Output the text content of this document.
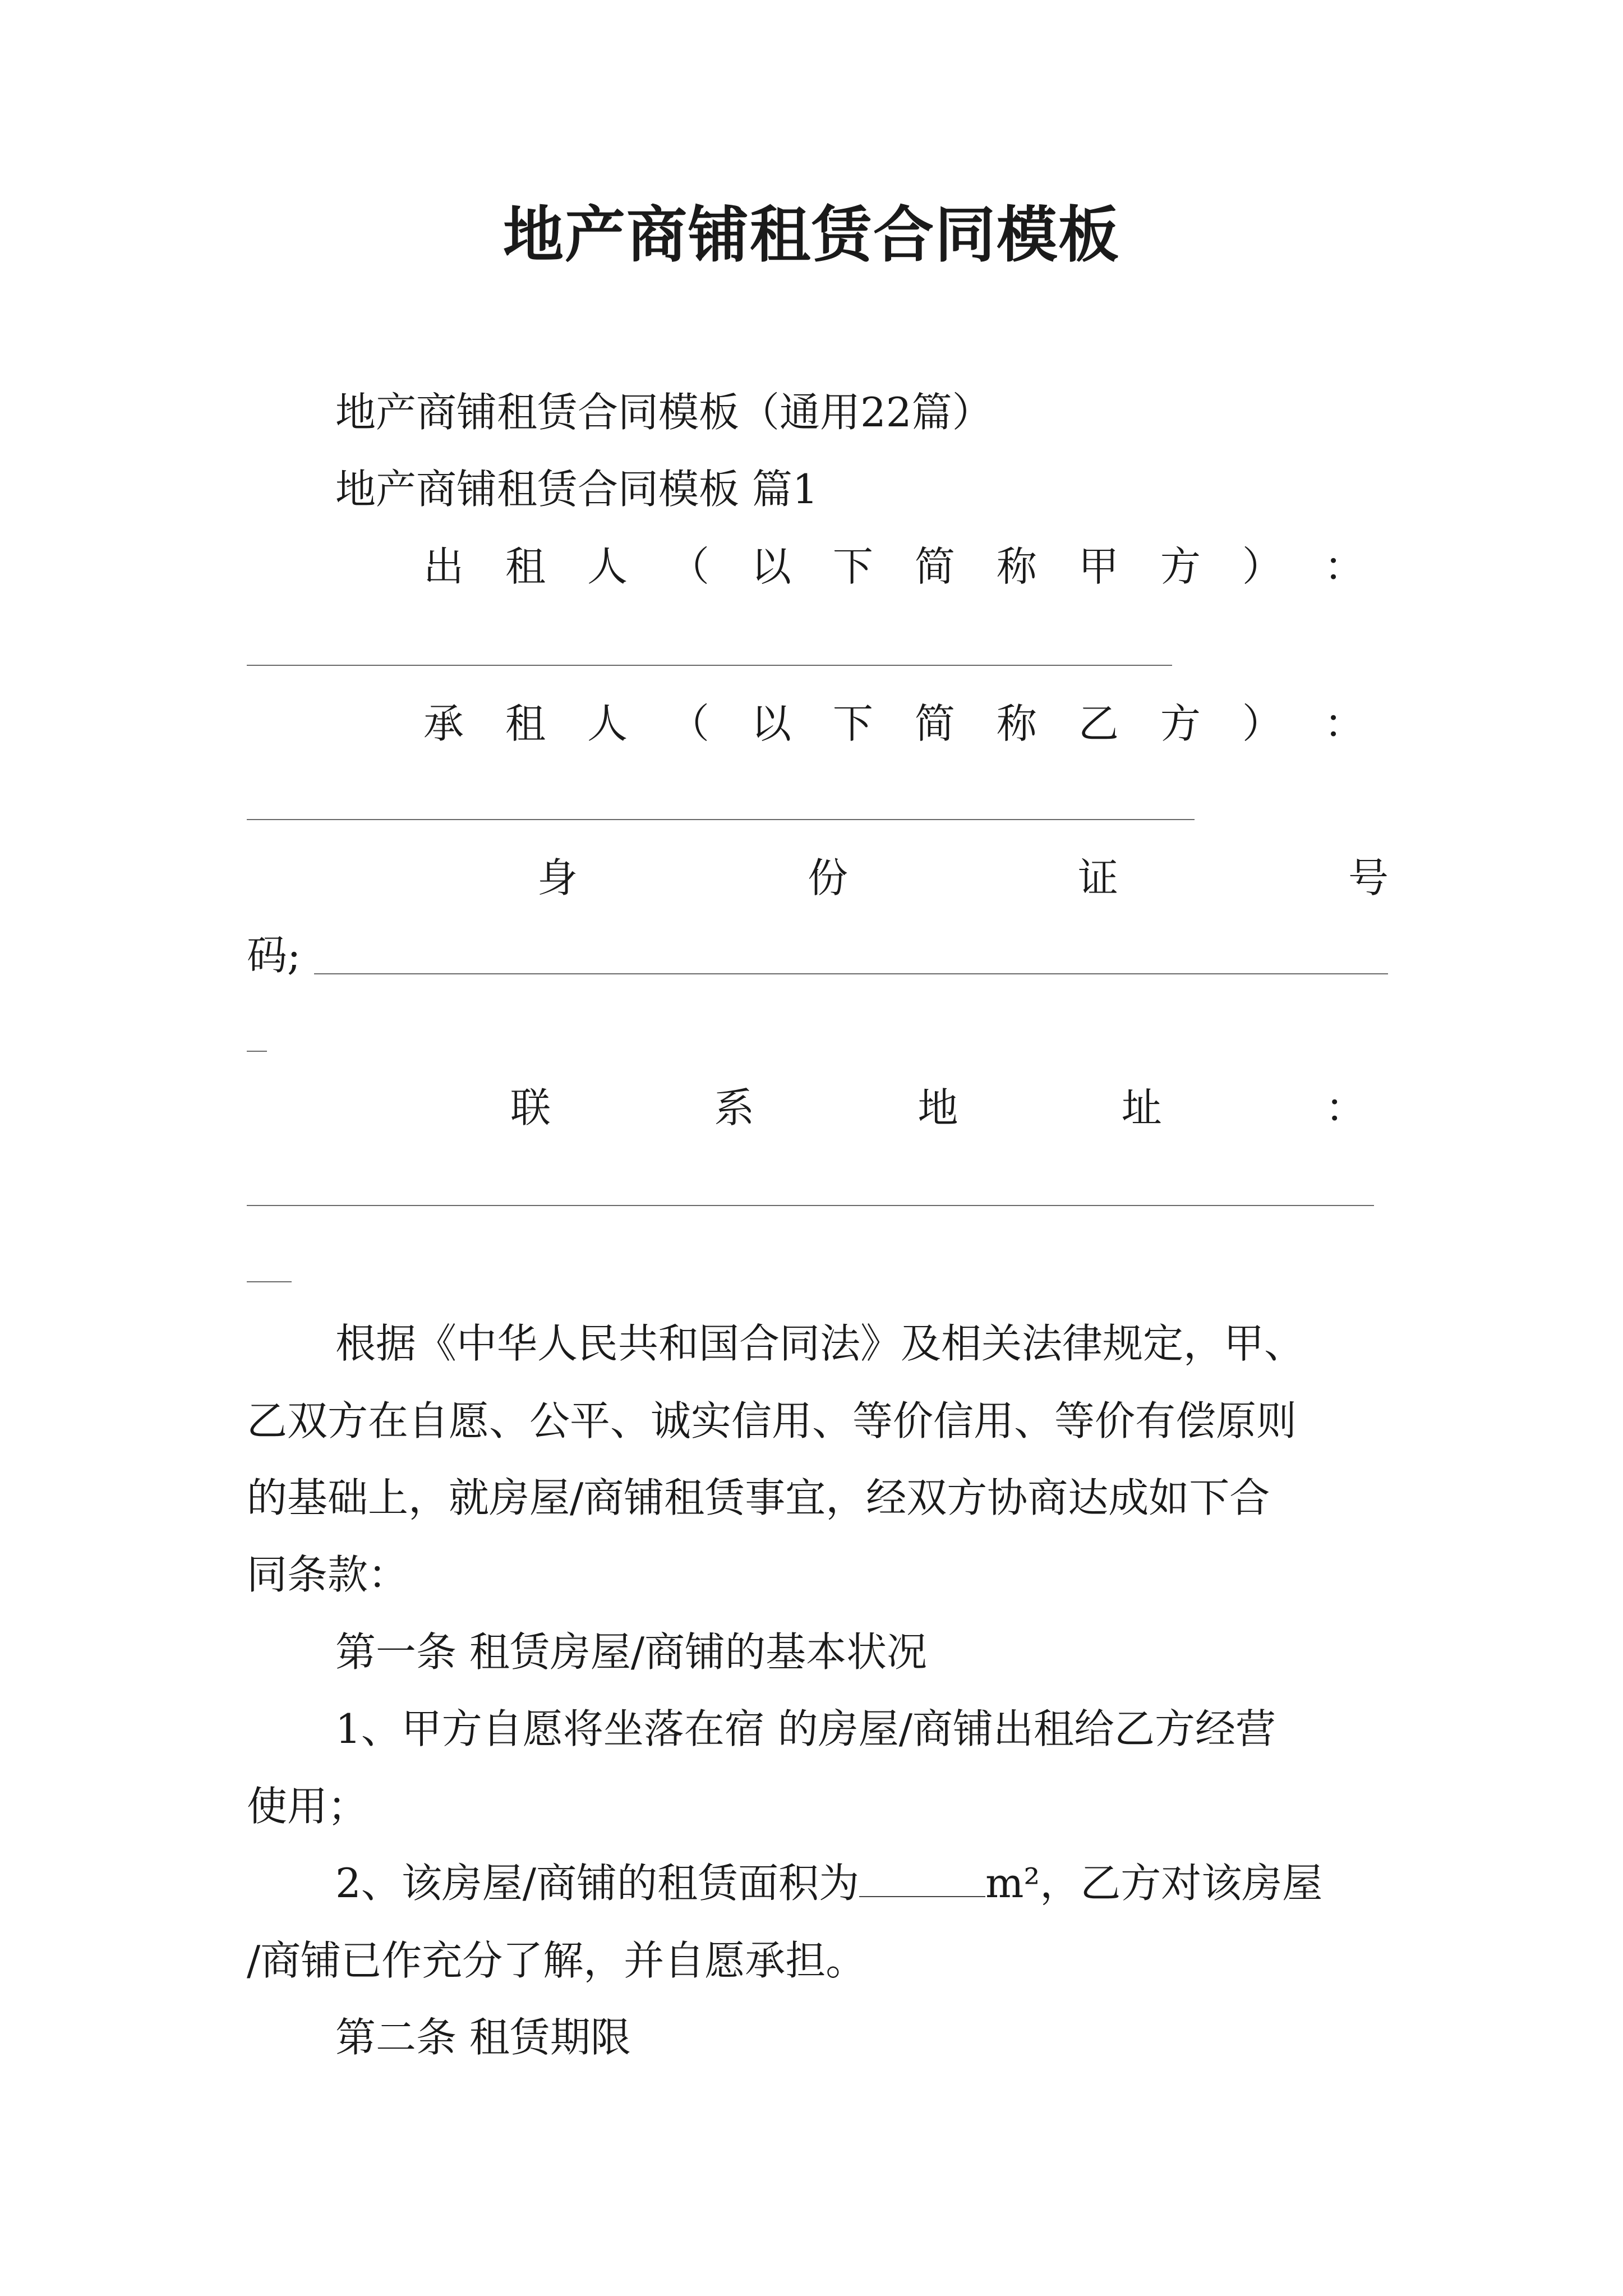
地产商铺租赁合同模板
地产商铺租赁合同模板（通用22篇）
地产商铺租赁合同模板 篇1
出 租 人 （ 以 下 简 称 甲 方 ） ：
承 租 人 （ 以 下 简 称 乙 方 ） ：
身	份	证	号
码;
联	系	地	址	：
根据《中华人民共和国合同法》及相关法律规定，甲、
乙双方在自愿、公平、诚实信用、等价信用、等价有偿原则
的基础上，就房屋/商铺租赁事宜，经双方协商达成如下合
同条款：
第一条 租赁房屋/商铺的基本状况
1、甲方自愿将坐落在宿 的房屋/商铺出租给乙方经营
使用；
2、该房屋/商铺的租赁面积为	m²，乙方对该房屋
/商铺已作充分了解，并自愿承担。
第二条 租赁期限
